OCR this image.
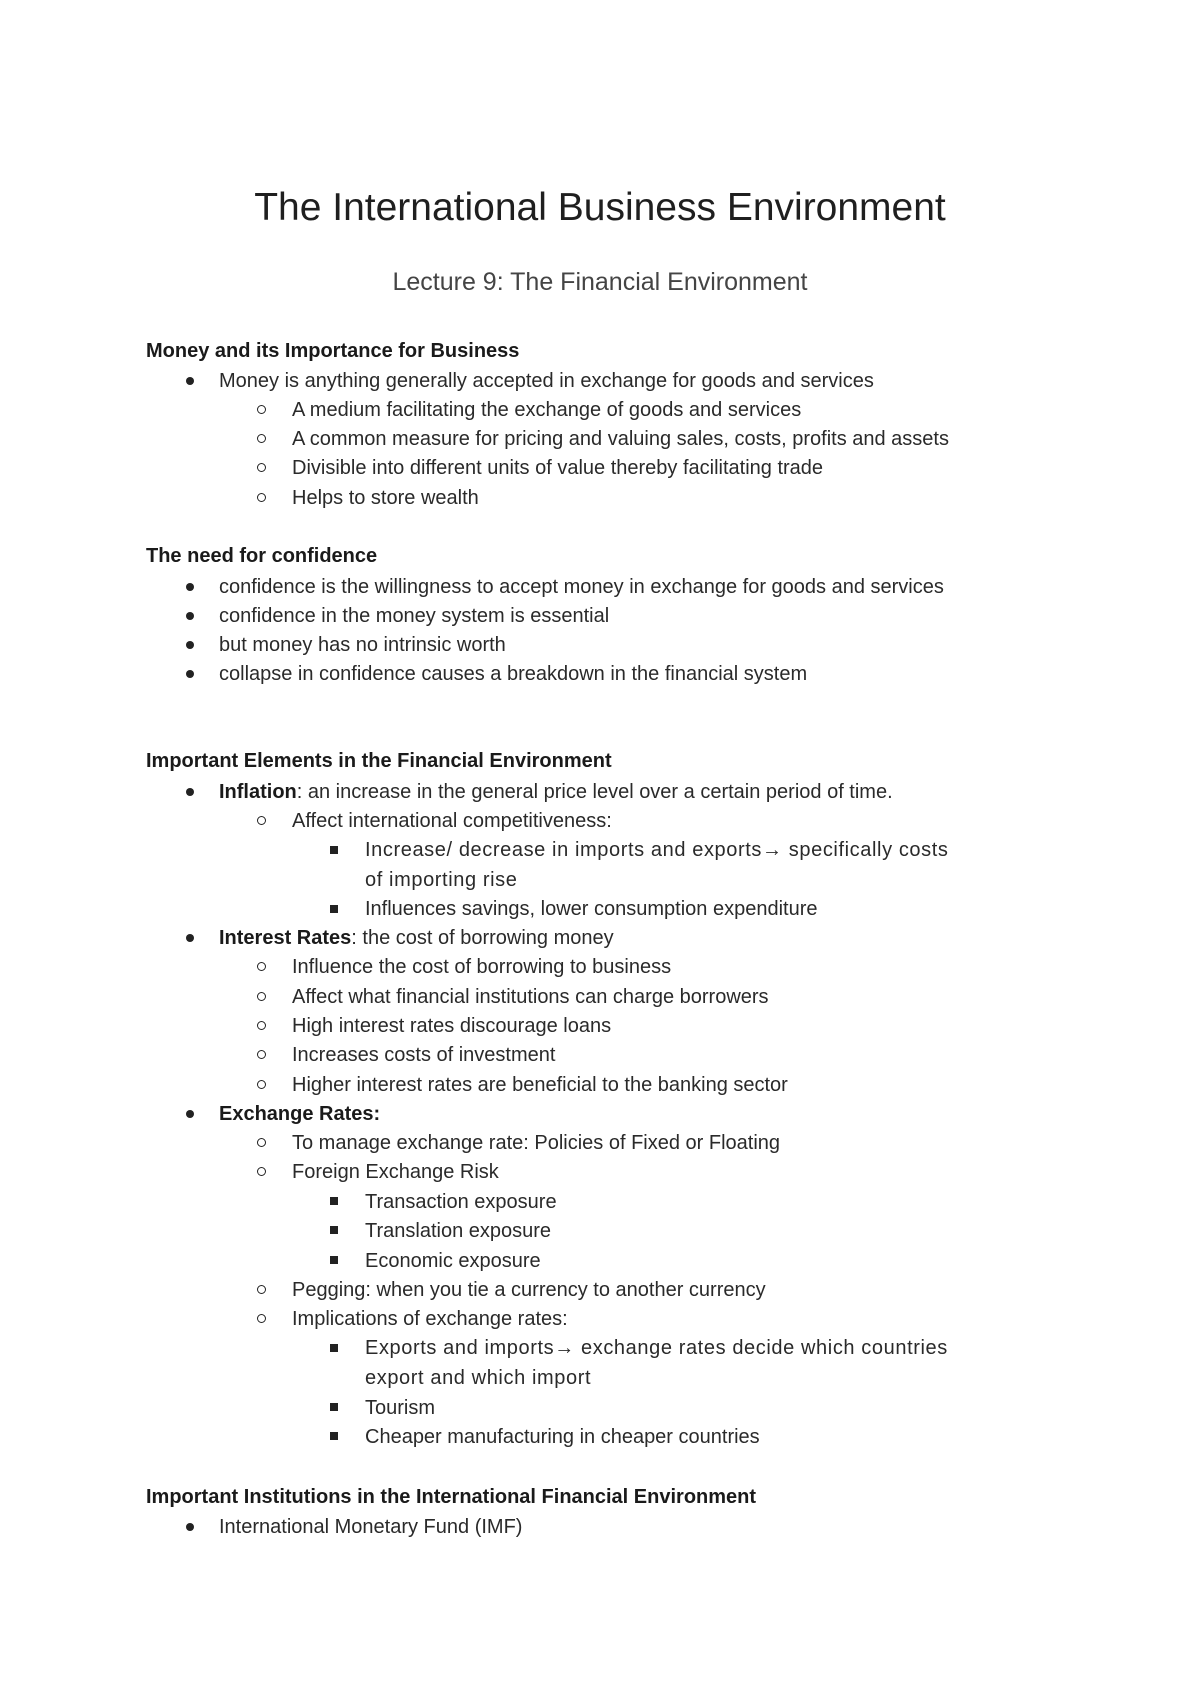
The International Business Environment
Lecture 9: The Financial Environment
Money and its Importance for Business
Money is anything generally accepted in exchange for goods and services
A medium facilitating the exchange of goods and services
A common measure for pricing and valuing sales, costs, profits and assets
Divisible into different units of value thereby facilitating trade
Helps to store wealth
The need for confidence
confidence is the willingness to accept money in exchange for goods and services
confidence in the money system is essential
but money has no intrinsic worth
collapse in confidence causes a breakdown in the financial system
Important Elements in the Financial Environment
Inflation: an increase in the general price level over a certain period of time.
Affect international competitiveness:
Increase/ decrease in imports and exports→ specifically costs
of importing rise
Influences savings, lower consumption expenditure
Interest Rates: the cost of borrowing money
Influence the cost of borrowing to business
Affect what financial institutions can charge borrowers
High interest rates discourage loans
Increases costs of investment
Higher interest rates are beneficial to the banking sector
Exchange Rates:
To manage exchange rate: Policies of Fixed or Floating
Foreign Exchange Risk
Transaction exposure
Translation exposure
Economic exposure
Pegging: when you tie a currency to another currency
Implications of exchange rates:
Exports and imports→ exchange rates decide which countries
export and which import
Tourism
Cheaper manufacturing in cheaper countries
Important Institutions in the International Financial Environment
International Monetary Fund (IMF)
